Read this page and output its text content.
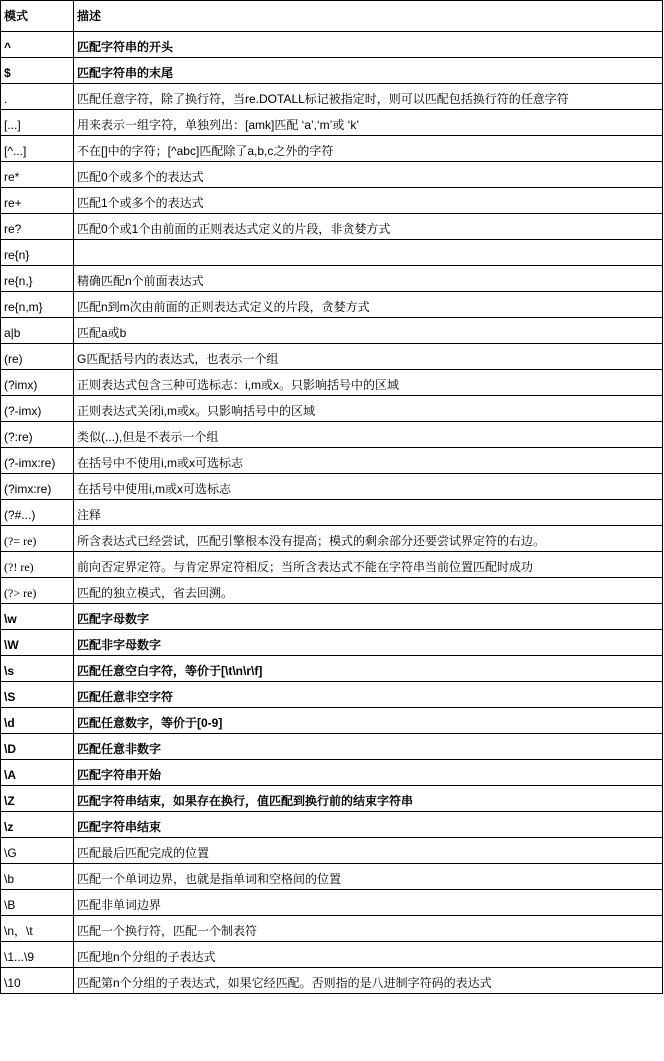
模式	描述
^	匹配字符串的开头
$	匹配字符串的末尾
.	匹配任意字符，除了换行符，当re.DOTALL标记被指定时，则可以匹配包括换行符的任意字符
[...]	用来表示一组字符，单独列出：[amk]匹配 ‘a’,‘m’或 ‘k’
[^...]	不在[]中的字符；[^abc]匹配除了a,b,c之外的字符
re*	匹配0个或多个的表达式
re+	匹配1个或多个的表达式
re?	匹配0个或1个由前面的正则表达式定义的片段，非贪婪方式
re{n}	
re{n,}	精确匹配n个前面表达式
re{n,m}	匹配n到m次由前面的正则表达式定义的片段，贪婪方式
a|b	匹配a或b
(re)	G匹配括号内的表达式，也表示一个组
(?imx)	正则表达式包含三种可选标志：i,m或x。只影响括号中的区域
(?-imx)	正则表达式关闭i,m或x。只影响括号中的区域
(?:re)	类似(...),但是不表示一个组
(?-imx:re)	在括号中不使用i,m或x可选标志
(?imx:re)	在括号中使用i,m或x可选标志
(?#...)	注释
(?= re)	所含表达式已经尝试，匹配引擎根本没有提高；模式的剩余部分还要尝试界定符的右边。
(?! re)	前向否定界定符。与肯定界定符相反；当所含表达式不能在字符串当前位置匹配时成功
(?> re)	匹配的独立模式，省去回溯。
\w	匹配字母数字
\W	匹配非字母数字
\s	匹配任意空白字符，等价于[\t\n\r\f]
\S	匹配任意非空字符
\d	匹配任意数字，等价于[0-9]
\D	匹配任意非数字
\A	匹配字符串开始
\Z	匹配字符串结束，如果存在换行，值匹配到换行前的结束字符串
\z	匹配字符串结束
\G	匹配最后匹配完成的位置
\b	匹配一个单词边界，也就是指单词和空格间的位置
\B	匹配非单词边界
\n，\t	匹配一个换行符，匹配一个制表符
\1...\9	匹配地n个分组的子表达式
\10	匹配第n个分组的子表达式，如果它经匹配。否则指的是八进制字符码的表达式
